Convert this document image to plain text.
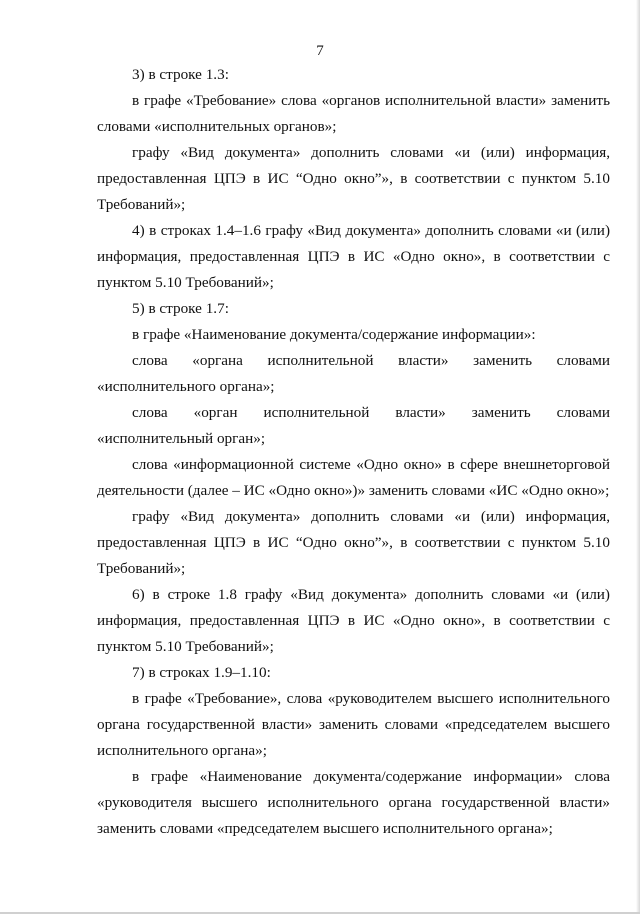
7

3) в строке 1.3:

в графе «Требование» слова «органов исполнительной власти» заменить словами «исполнительных органов»;

графу «Вид документа» дополнить словами «и (или) информация, предоставленная ЦПЭ в ИС “Одно окно”», в соответствии с пунктом 5.10 Требований»;

4) в строках 1.4–1.6 графу «Вид документа» дополнить словами «и (или) информация, предоставленная ЦПЭ в ИС «Одно окно», в соответствии с пунктом 5.10 Требований»;

5) в строке 1.7:

в графе «Наименование документа/содержание информации»:

слова «органа исполнительной власти» заменить словами «исполнительного органа»;

слова «орган исполнительной власти» заменить словами «исполнительный орган»;

слова «информационной системе «Одно окно» в сфере внешнеторговой деятельности (далее – ИС «Одно окно»)» заменить словами «ИС «Одно окно»;

графу «Вид документа» дополнить словами «и (или) информация, предоставленная ЦПЭ в ИС “Одно окно”», в соответствии с пунктом 5.10 Требований»;

6) в строке 1.8 графу «Вид документа» дополнить словами «и (или) информация, предоставленная ЦПЭ в ИС «Одно окно», в соответствии с пунктом 5.10 Требований»;

7) в строках 1.9–1.10:

в графе «Требование», слова «руководителем высшего исполнительного органа государственной власти» заменить словами «председателем высшего исполнительного органа»;

в графе «Наименование документа/содержание информации» слова «руководителя высшего исполнительного органа государственной власти» заменить словами «председателем высшего исполнительного органа»;
